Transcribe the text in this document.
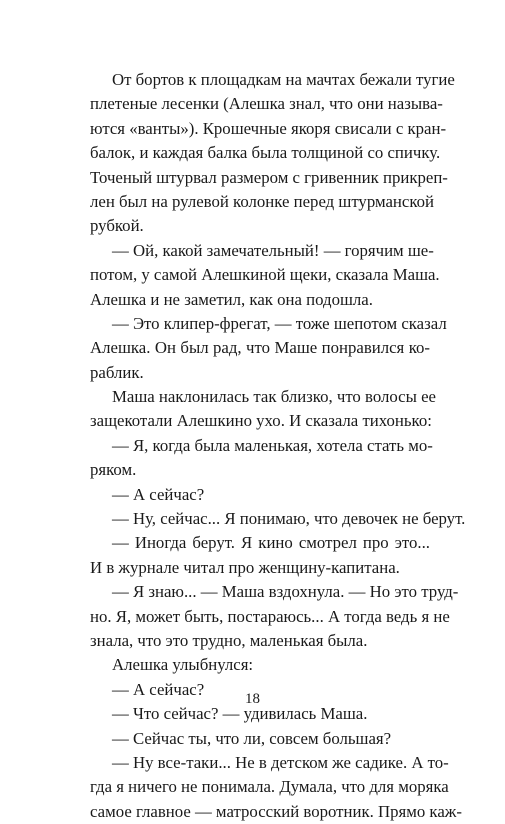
От бортов к площадкам на мачтах бежали тугие
плетеные лесенки (Алешка знал, что они называ-
ются «ванты»). Крошечные якоря свисали с кран-
балок, и каждая балка была толщиной со спичку.
Точеный штурвал размером с гривенник прикреп-
лен был на рулевой колонке перед штурманской
рубкой.
— Ой, какой замечательный! — горячим ше-
потом, у самой Алешкиной щеки, сказала Маша.
Алешка и не заметил, как она подошла.
— Это клипер-фрегат, — тоже шепотом сказал
Алешка. Он был рад, что Маше понравился ко-
раблик.
Маша наклонилась так близко, что волосы ее
защекотали Алешкино ухо. И сказала тихонько:
— Я, когда была маленькая, хотела стать мо-
ряком.
— А сейчас?
— Ну, сейчас... Я понимаю, что девочек не берут.
— Иногда берут. Я кино смотрел про это...
И в журнале читал про женщину-капитана.
— Я знаю... — Маша вздохнула. — Но это труд-
но. Я, может быть, постараюсь... А тогда ведь я не
знала, что это трудно, маленькая была.
Алешка улыбнулся:
— А сейчас?
— Что сейчас? — удивилась Маша.
— Сейчас ты, что ли, совсем большая?
— Ну все-таки... Не в детском же садике. А то-
гда я ничего не понимала. Думала, что для моряка
самое главное — матросский воротник. Прямо каж-
18
